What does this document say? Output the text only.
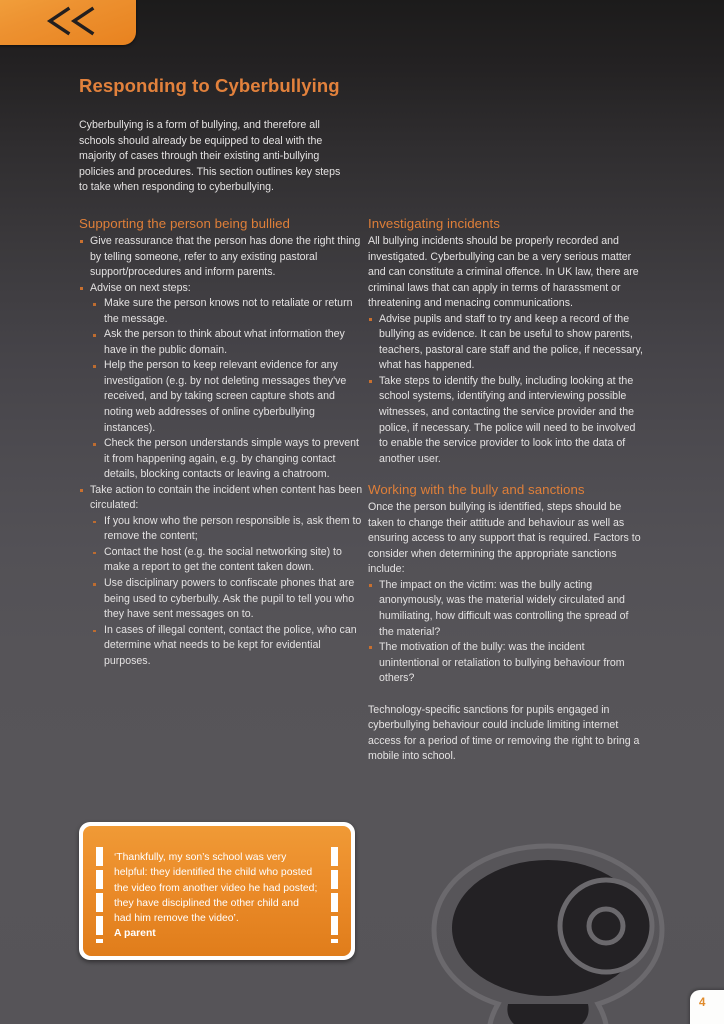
Responding to Cyberbullying

Cyberbullying is a form of bullying, and therefore all schools should already be equipped to deal with the majority of cases through their existing anti-bullying policies and procedures. This section outlines key steps to take when responding to cyberbullying.

Supporting the person being bullied
Give reassurance that the person has done the right thing by telling someone, refer to any existing pastoral support/procedures and inform parents.
Advise on next steps:
Make sure the person knows not to retaliate or return the message.
Ask the person to think about what information they have in the public domain.
Help the person to keep relevant evidence for any investigation (e.g. by not deleting messages they've received, and by taking screen capture shots and noting web addresses of online cyberbullying instances).
Check the person understands simple ways to prevent it from happening again, e.g. by changing contact details, blocking contacts or leaving a chatroom.
Take action to contain the incident when content has been circulated:
If you know who the person responsible is, ask them to remove the content;
Contact the host (e.g. the social networking site) to make a report to get the content taken down.
Use disciplinary powers to confiscate phones that are being used to cyberbully. Ask the pupil to tell you who they have sent messages on to.
In cases of illegal content, contact the police, who can determine what needs to be kept for evidential purposes.
Investigating incidents

All bullying incidents should be properly recorded and investigated. Cyberbullying can be a very serious matter and can constitute a criminal offence. In UK law, there are criminal laws that can apply in terms of harassment or threatening and menacing communications.

Advise pupils and staff to try and keep a record of the bullying as evidence. It can be useful to show parents, teachers, pastoral care staff and the police, if necessary, what has happened.
Take steps to identify the bully, including looking at the school systems, identifying and interviewing possible witnesses, and contacting the service provider and the police, if necessary. The police will need to be involved to enable the service provider to look into the data of another user.
Working with the bully and sanctions

Once the person bullying is identified, steps should be taken to change their attitude and behaviour as well as ensuring access to any support that is required. Factors to consider when determining the appropriate sanctions include:

The impact on the victim: was the bully acting anonymously, was the material widely circulated and humiliating, how difficult was controlling the spread of the material?
The motivation of the bully: was the incident unintentional or retaliation to bullying behaviour from others?

Technology-specific sanctions for pupils engaged in cyberbullying behaviour could include limiting internet access for a period of time or removing the right to bring a mobile into school.

‘Thankfully, my son’s school was very helpful: they identified the child who posted the video from another video he had posted; they have disciplined the other child and had him remove the video’.
A parent
4
